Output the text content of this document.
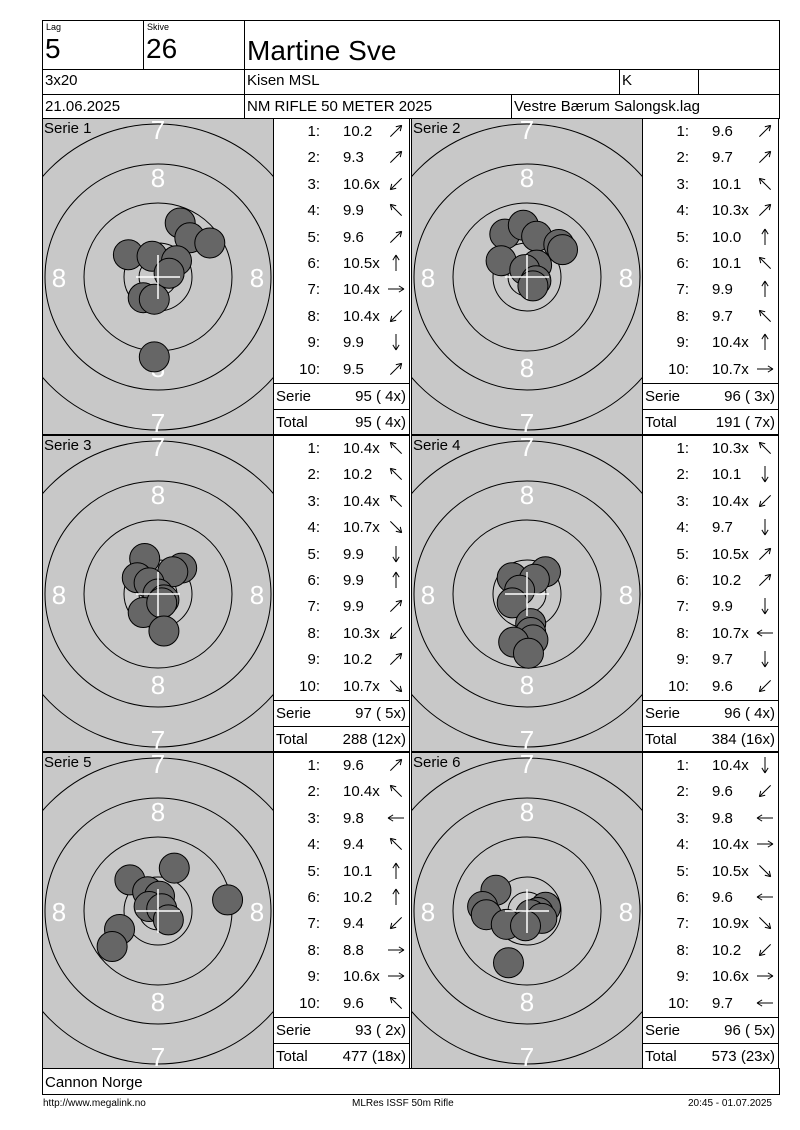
Lag
5
Skive
26 Martine Sve
3x20	Kisen MSL	K
21.06.2025	NM RIFLE 50 METER 2025	Vestre Bærum Salongsk.lag
7
7
8
8	8
Serie 1	1: 10.2
2: 9.3
3: 10.6x
4: 9.9
5: 9.6
6: 10.5x
7: 10.4x
8: 10.4x
9: 9.9
10: 9.5
Serie	95 ( 4x)
Total	95 ( 4x)
7
7
8
8
8	8
Serie 2	1: 9.6
2: 9.7
3: 10.1
4: 10.3x
5: 10.0
6: 10.1
7: 9.9
8: 9.7
9: 10.4x
10: 10.7x
Serie	96 ( 3x)
Total	191 ( 7x)
7
7
8
8
8	8
Serie 3	1: 10.4x
2: 10.2
3: 10.4x
4: 10.7x
5: 9.9
6: 9.9
7: 9.9
8: 10.3x
9: 10.2
10: 10.7x
Serie	97 ( 5x)
Total 288 (12x)
7
7
8
8
8	8
Serie 4	1: 10.3x
2: 10.1
3: 10.4x
4: 9.7
5: 10.5x
6: 10.2
7: 9.9
8: 10.7x
9: 9.7
10: 9.6
Serie	96 ( 4x)
Total 384 (16x)
7
7
8
8
8	8
Serie 5	1: 9.6
2: 10.4x
3: 9.8
4: 9.4
5: 10.1
6: 10.2
7: 9.4
8: 8.8
9: 10.6x
10: 9.6
Serie	93 ( 2x)
Total 477 (18x)
7
7
8
8
8	8
Serie 6	1: 10.4x
2: 9.6
3: 9.8
4: 10.4x
5: 10.5x
6: 9.6
7: 10.9x
8: 10.2
9: 10.6x
10: 9.7
Serie	96 ( 5x)
Total 573 (23x)
Cannon Norge
http://www.megalink.no	MLRes ISSF 50m Rifle	20:45 - 01.07.2025
